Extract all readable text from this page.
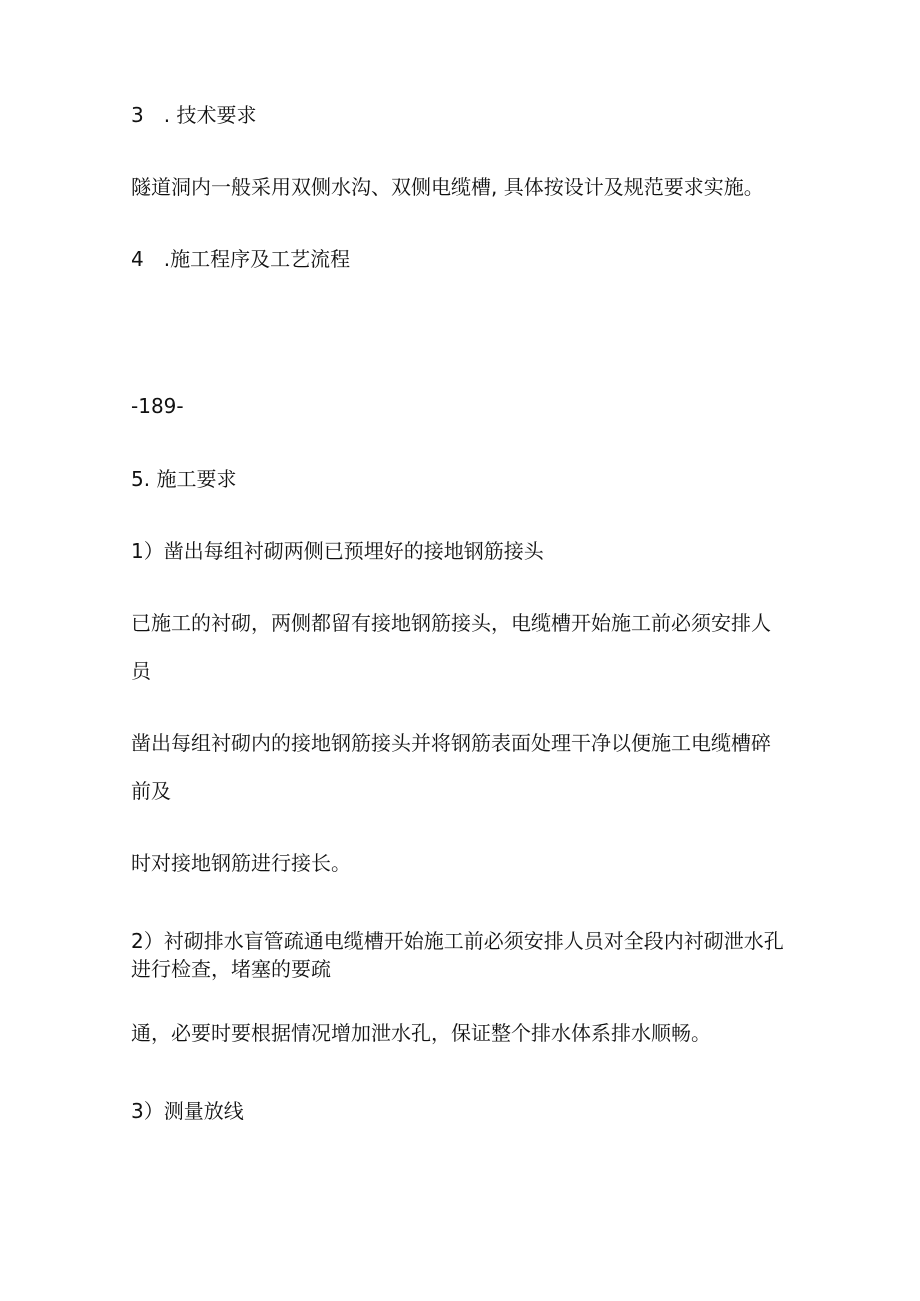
3　. 技术要求
隧道洞内一般采用双侧水沟、双侧电缆槽, 具体按设计及规范要求实施。
4　.施工程序及工艺流程
-189-
5. 施工要求
1）凿出每组衬砌两侧已预埋好的接地钢筋接头
已施工的衬砌，两侧都留有接地钢筋接头，电缆槽开始施工前必须安排人
员
凿出每组衬砌内的接地钢筋接头并将钢筋表面处理干净以便施工电缆槽碎
前及
时对接地钢筋进行接长。
2）衬砌排水盲管疏通电缆槽开始施工前必须安排人员对全段内衬砌泄水孔
进行检查，堵塞的要疏
通，必要时要根据情况增加泄水孔，保证整个排水体系排水顺畅。
3）测量放线
